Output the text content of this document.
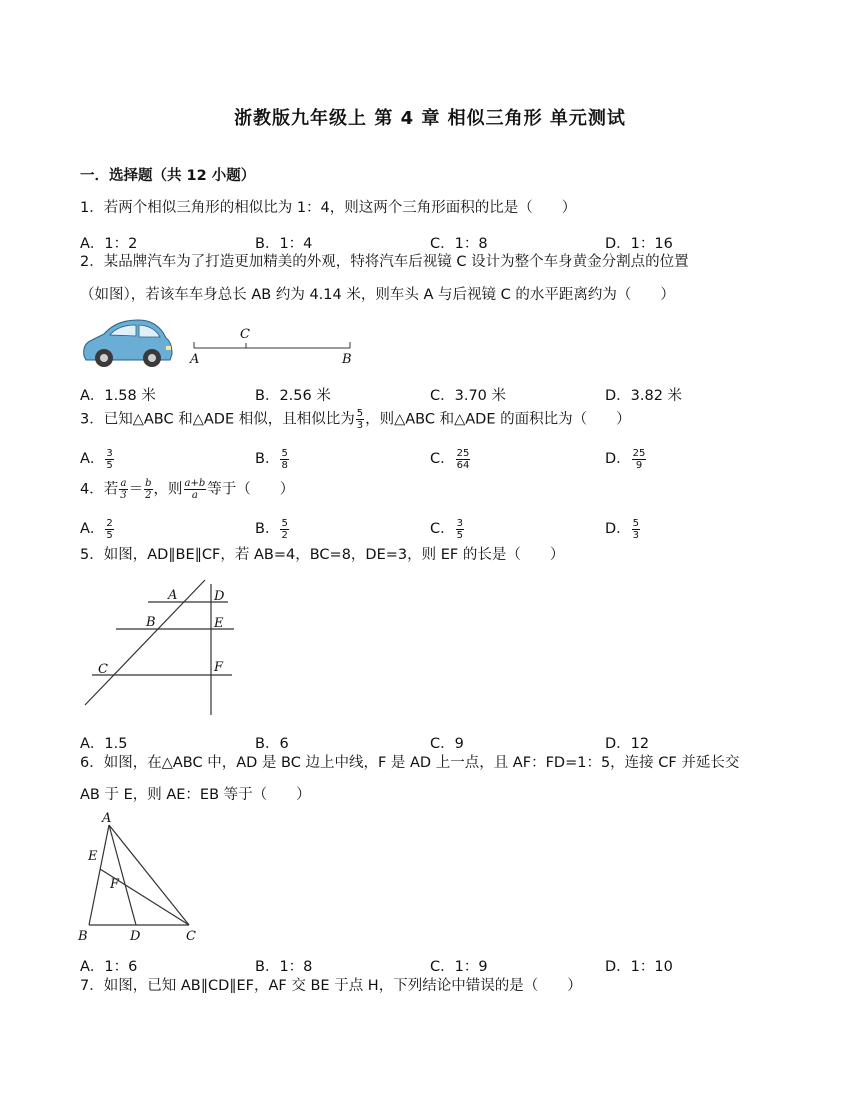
浙教版九年级上 第 4 章 相似三角形 单元测试
一．选择题（共 12 小题）
1．若两个相似三角形的相似比为 1：4，则这两个三角形面积的比是（　　）
A．1：2	B．1：4	C．1：8	D．1：16
2．某品牌汽车为了打造更加精美的外观，特将汽车后视镜 C 设计为整个车身黄金分割点的位置
（如图），若该车车身总长 AB 约为 4.14 米，则车头 A 与后视镜 C 的水平距离约为（　　）
A
C
B
A．1.58 米	B．2.56 米	C．3.70 米	D．3.82 米
3．已知△ABC 和△ADE 相似，且相似比为 $\frac{5}{3}$ ，则△ABC 和△ADE 的面积比为（　　）
A． $\frac{3}{5}$	B． $\frac{5}{8}$	C． $\frac{25}{64}$	D． $\frac{25}{9}$
4．若 $\frac{a}{3} = \frac{b}{2}$ ，则 $\frac{a+b}{a}$ 等于（　　）
A． $\frac{2}{5}$	B． $\frac{5}{2}$	C． $\frac{3}{5}$	D． $\frac{5}{3}$
5．如图，AD∥BE∥CF，若 AB=4，BC=8，DE=3，则 EF 的长是（　　）
A	D
B	E
C	F
A．1.5	B．6	C．9	D．12
6．如图，在△ABC 中，AD 是 BC 边上中线，F 是 AD 上一点，且 AF：FD=1：5，连接 CF 并延长交
AB 于 E，则 AE：EB 等于（　　）
A
E
F
B	D	C
A．1：6	B．1：8	C．1：9	D．1：10
7．如图，已知 AB∥CD∥EF，AF 交 BE 于点 H，下列结论中错误的是（　　）
